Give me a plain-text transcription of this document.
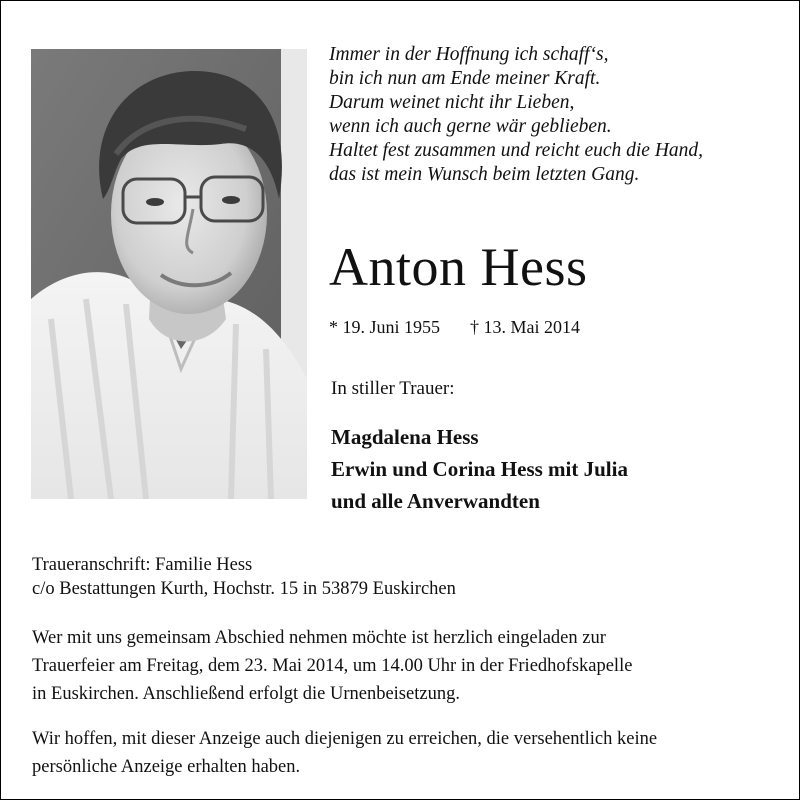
Immer in der Hoffnung ich schaff‘s,
bin ich nun am Ende meiner Kraft.
Darum weinet nicht ihr Lieben,
wenn ich auch gerne wär geblieben.
Haltet fest zusammen und reicht euch die Hand,
das ist mein Wunsch beim letzten Gang.
Anton Hess
* 19. Juni 1955 † 13. Mai 2014
In stiller Trauer:
Magdalena Hess
Erwin und Corina Hess mit Julia
und alle Anverwandten
Traueranschrift: Familie Hess
c/o Bestattungen Kurth, Hochstr. 15 in 53879 Euskirchen
Wer mit uns gemeinsam Abschied nehmen möchte ist herzlich eingeladen zur
Trauerfeier am Freitag, dem 23. Mai 2014, um 14.00 Uhr in der Friedhofskapelle
in Euskirchen. Anschließend erfolgt die Urnenbeisetzung.
Wir hoffen, mit dieser Anzeige auch diejenigen zu erreichen, die versehentlich keine
persönliche Anzeige erhalten haben.
